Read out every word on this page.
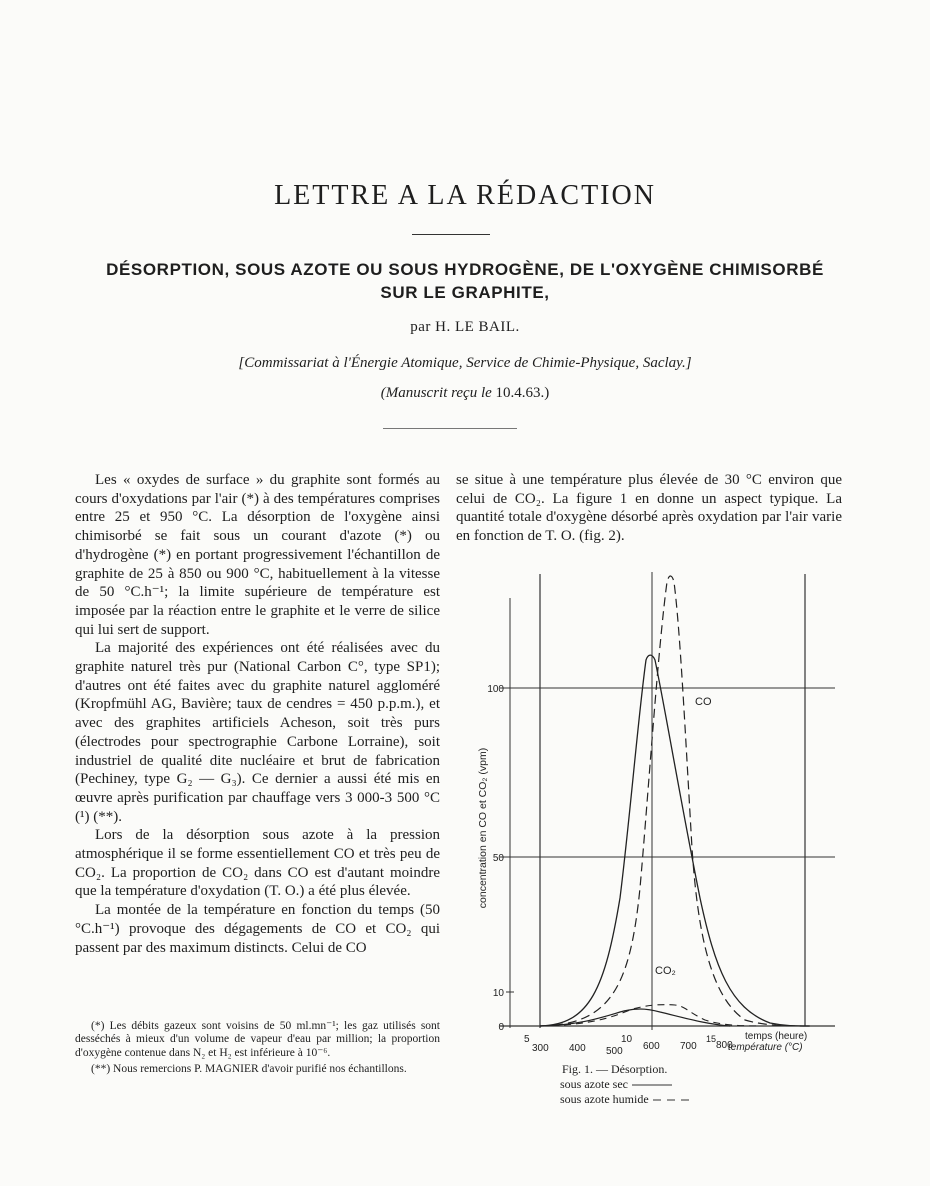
LETTRE A LA RÉDACTION
DÉSORPTION, SOUS AZOTE OU SOUS HYDROGÈNE, DE L'OXYGÈNE CHIMISORBÉ
SUR LE GRAPHITE,
par H. LE BAIL.
[Commissariat à l'Énergie Atomique, Service de Chimie-Physique, Saclay.]
(Manuscrit reçu le 10.4.63.)

Les « oxydes de surface » du graphite sont formés au cours d'oxydations par l'air (*) à des températures comprises entre 25 et 950 °C. La désorption de l'oxygène ainsi chimisorbé se fait sous un courant d'azote (*) ou d'hydrogène (*) en portant progressivement l'échantillon de graphite de 25 à 850 ou 900 °C, habituellement à la vitesse de 50 °C.h⁻¹; la limite supérieure de température est imposée par la réaction entre le graphite et le verre de silice qui lui sert de support.

La majorité des expériences ont été réalisées avec du graphite naturel très pur (National Carbon C°, type SP1); d'autres ont été faites avec du graphite naturel aggloméré (Kropfmühl AG, Bavière; taux de cendres = 450 p.p.m.), et avec des graphites artificiels Acheson, soit très purs (électrodes pour spectrographie Carbone Lorraine), soit industriel de qualité dite nucléaire et brut de fabrication (Pechiney, type G₂ — G₃). Ce dernier a aussi été mis en œuvre après purification par chauffage vers 3 000-3 500 °C (¹) (**).

Lors de la désorption sous azote à la pression atmosphérique il se forme essentiellement CO et très peu de CO₂. La proportion de CO₂ dans CO est d'autant moindre que la température d'oxydation (T. O.) a été plus élevée.

La montée de la température en fonction du temps (50 °C.h⁻¹) provoque des dégagements de CO et CO₂ qui passent par des maximum distincts. Celui de CO

(*) Les débits gazeux sont voisins de 50 ml.mn⁻¹; les gaz utilisés sont desséchés à mieux d'un volume de vapeur d'eau par million; la proportion d'oxygène contenue dans N₂ et H₂ est inférieure à 10⁻⁶.

(**) Nous remercions P. MAGNIER d'avoir purifié nos échantillons.

se situe à une température plus élevée de 30 °C environ que celui de CO₂. La figure 1 en donne un aspect typique. La quantité totale d'oxygène désorbé après oxydation par l'air varie en fonction de T. O. (fig. 2).

100
50
10
0
concentration en CO et CO₂ (vpm)
CO
CO₂
5	10	15
300 400 500 600 700 800
temps (heure)
température (°C)
Fig. 1. — Désorption.
sous azote sec
sous azote humide
